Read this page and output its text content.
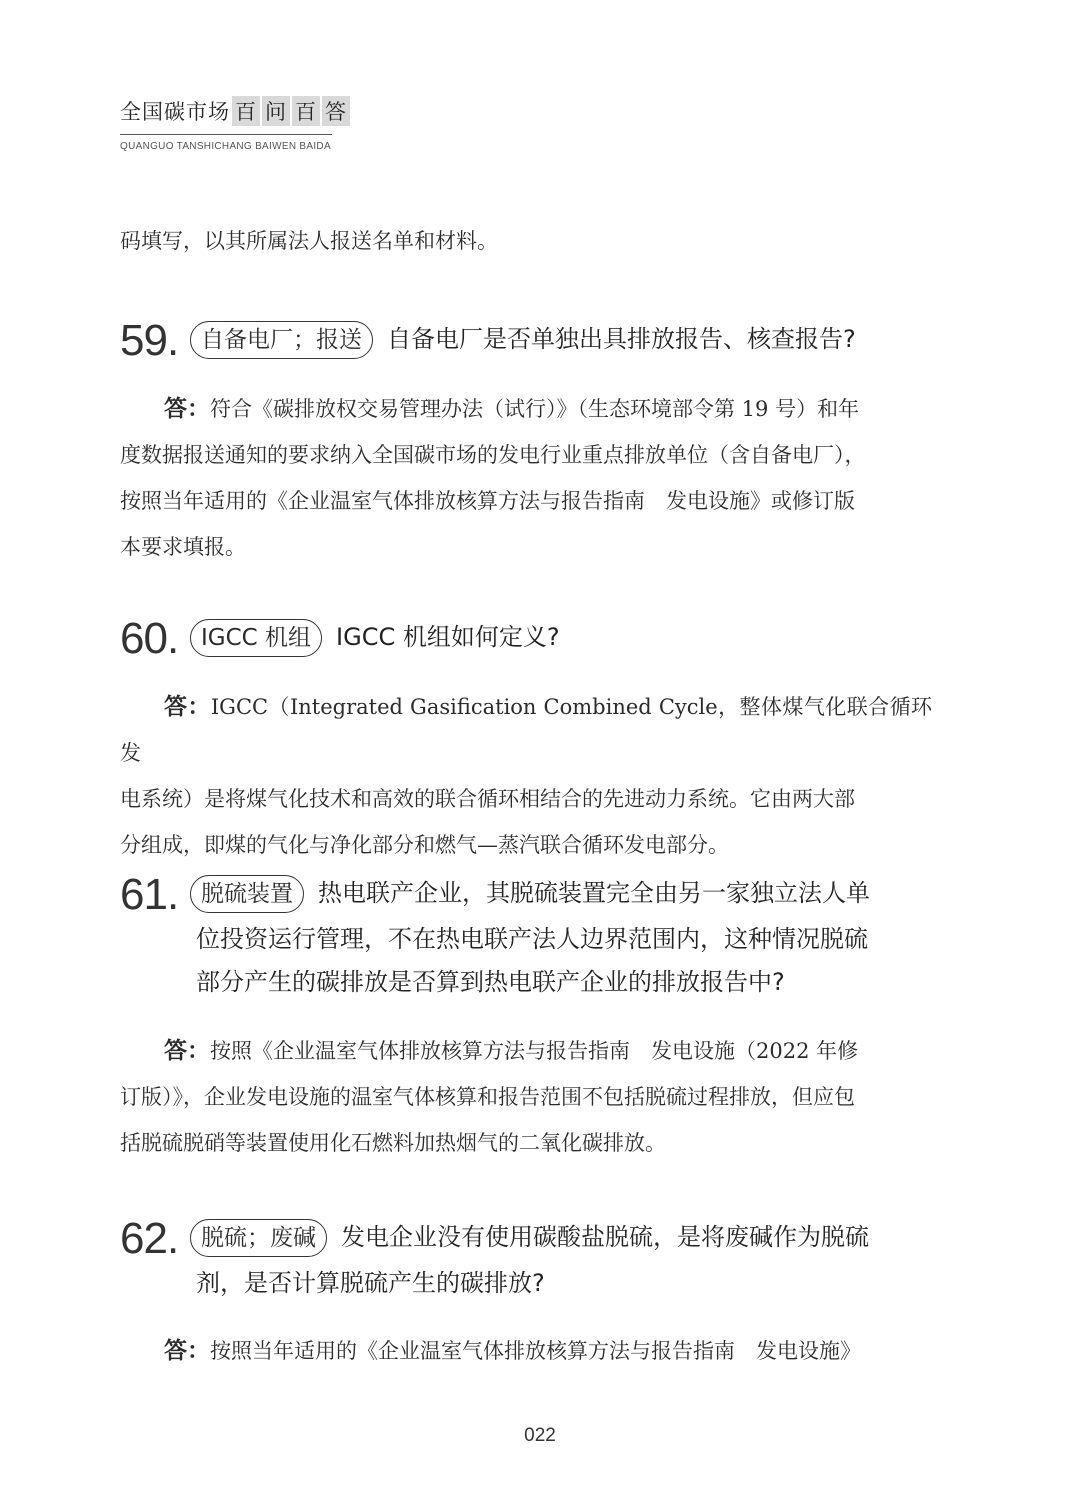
全国碳市场 百 问 百 答
QUANGUO TANSHICHANG BAIWEN BAIDA

码填写，以其所属法人报送名单和材料。

59. 自备电厂；报送	自备电厂是否单独出具排放报告、核查报告?

答：符合《碳排放权交易管理办法（试行）》（生态环境部令第 19 号）和年

度数据报送通知的要求纳入全国碳市场的发电行业重点排放单位（含自备电厂），

按照当年适用的《企业温室气体排放核算方法与报告指南　发电设施》或修订版

本要求填报。

60. IGCC 机组	IGCC 机组如何定义?

答：IGCC（Integrated Gasification Combined Cycle，整体煤气化联合循环发

电系统）是将煤气化技术和高效的联合循环相结合的先进动力系统。它由两大部

分组成，即煤的气化与净化部分和燃气—蒸汽联合循环发电部分。

61. 脱硫装置	热电联产企业，其脱硫装置完全由另一家独立法人单
位投资运行管理，不在热电联产法人边界范围内，这种情况脱硫
部分产生的碳排放是否算到热电联产企业的排放报告中?

答：按照《企业温室气体排放核算方法与报告指南　发电设施（2022 年修

订版）》，企业发电设施的温室气体核算和报告范围不包括脱硫过程排放，但应包

括脱硫脱硝等装置使用化石燃料加热烟气的二氧化碳排放。

62. 脱硫；废碱	发电企业没有使用碳酸盐脱硫，是将废碱作为脱硫
剂，是否计算脱硫产生的碳排放?

答：按照当年适用的《企业温室气体排放核算方法与报告指南　发电设施》

022
